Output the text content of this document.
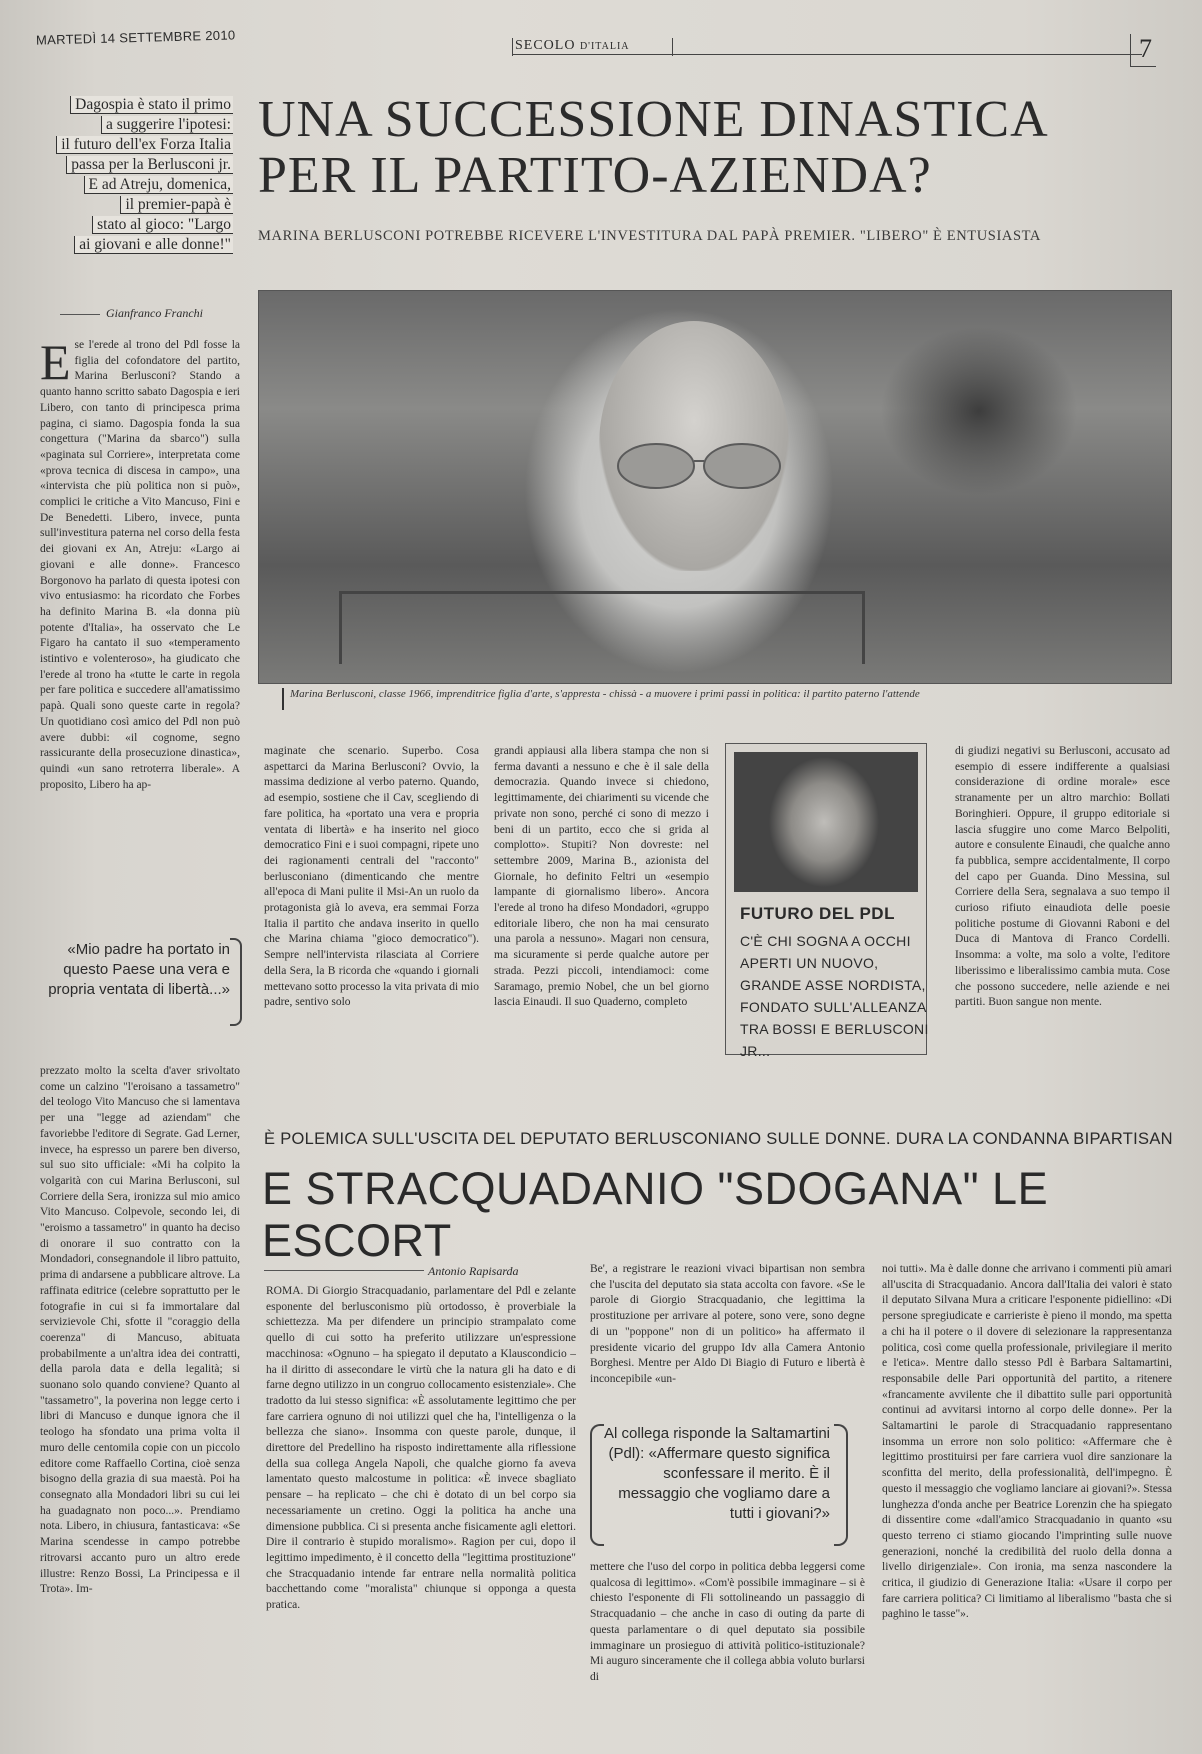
MARTEDÌ 14 SETTEMBRE 2010	SECOLO D'ITALIA	7
Dagospia è stato il primo
a suggerire l'ipotesi:
il futuro dell'ex Forza Italia
passa per la Berlusconi jr.
E ad Atreju, domenica,
il premier-papà è
stato al gioco: "Largo
ai giovani e alle donne!"
UNA SUCCESSIONE DINASTICA PER IL PARTITO-AZIENDA?
MARINA BERLUSCONI POTREBBE RICEVERE L'INVESTITURA DAL PAPÀ PREMIER. "LIBERO" È ENTUSIASTA
Gianfranco Franchi
Marina Berlusconi, classe 1966, imprenditrice figlia d'arte, s'appresta - chissà - a muovere i primi passi in politica: il partito paterno l'attende
E se l'erede al trono del Pdl fosse la figlia del cofondatore del partito, Marina Berlusconi? Stando a quanto hanno scritto sabato Dagospia e ieri Libero, con tanto di principesca prima pagina, ci siamo. Dagospia fonda la sua congettura ("Marina da sbarco") sulla «paginata sul Corriere», interpretata come «prova tecnica di discesa in campo», una «intervista che più politica non si può», complici le critiche a Vito Mancuso, Fini e De Benedetti. Libero, invece, punta sull'investitura paterna nel corso della festa dei giovani ex An, Atreju: «Largo ai giovani e alle donne». Francesco Borgonovo ha parlato di questa ipotesi con vivo entusiasmo: ha ricordato che Forbes ha definito Marina B. «la donna più potente d'Italia», ha osservato che Le Figaro ha cantato il suo «temperamento istintivo e volenteroso», ha giudicato che l'erede al trono ha «tutte le carte in regola per fare politica e succedere all'amatissimo papà. Quali sono queste carte in regola? Un quotidiano così amico del Pdl non può avere dubbi: «il cognome, segno rassicurante della prosecuzione dinastica», quindi «un sano retroterra liberale». A proposito, Libero ha ap-

«Mio padre ha portato in questo Paese una vera e propria ventata di libertà...»

prezzato molto la scelta d'aver srivoltato come un calzino "l'eroisano a tassametro" del teologo Vito Mancuso che si lamentava per una "legge ad aziendam" che favoriebbe l'editore di Segrate. Gad Lerner, invece, ha espresso un parere ben diverso, sul suo sito ufficiale: «Mi ha colpito la volgarità con cui Marina Berlusconi, sul Corriere della Sera, ironizza sul mio amico Vito Mancuso. Colpevole, secondo lei, di "eroismo a tassametro" in quanto ha deciso di onorare il suo contratto con la Mondadori, consegnandole il libro pattuito, prima di andarsene a pubblicare altrove. La raffinata editrice (celebre soprattutto per le fotografie in cui si fa immortalare dal servizievole Chi, sfotte il "coraggio della coerenza" di Mancuso, abituata probabilmente a un'altra idea dei contratti, della parola data e della legalità; si suonano solo quando conviene? Quanto al "tassametro", la poverina non legge certo i libri di Mancuso e dunque ignora che il teologo ha sfondato una prima volta il muro delle centomila copie con un piccolo editore come Raffaello Cortina, cioè senza bisogno della grazia di sua maestà. Poi ha consegnato alla Mondadori libri su cui lei ha guadagnato non poco...». Prendiamo nota. Libero, in chiusura, fantasticava: «Se Marina scendesse in campo potrebbe ritrovarsi accanto puro un altro erede illustre: Renzo Bossi, La Principessa e il Trota». Im-

maginate che scenario. Superbo. Cosa aspettarci da Marina Berlusconi? Ovvio, la massima dedizione al verbo paterno. Quando, ad esempio, sostiene che il Cav, scegliendo di fare politica, ha «portato una vera e propria ventata di libertà» e ha inserito nel gioco democratico Fini e i suoi compagni, ripete uno dei ragionamenti centrali del "racconto" berlusconiano (dimenticando che mentre all'epoca di Mani pulite il Msi-An un ruolo da protagonista già lo aveva, era semmai Forza Italia il partito che andava inserito in quello che Marina chiama "gioco democratico"). Sempre nell'intervista rilasciata al Corriere della Sera, la B ricorda che «quando i giornali mettevano sotto processo la vita privata di mio padre, sentivo solo

grandi appiausi alla libera stampa che non si ferma davanti a nessuno e che è il sale della democrazia. Quando invece si chiedono, legittimamente, dei chiarimenti su vicende che private non sono, perché ci sono di mezzo i beni di un partito, ecco che si grida al complotto». Stupiti? Non dovreste: nel settembre 2009, Marina B., azionista del Giornale, ho definito Feltri un «esempio lampante di giornalismo libero». Ancora l'erede al trono ha difeso Mondadori, «gruppo editoriale libero, che non ha mai censurato una parola a nessuno». Magari non censura, ma sicuramente si perde qualche autore per strada. Pezzi piccoli, intendiamoci: come Saramago, premio Nobel, che un bel giorno lascia Einaudi. Il suo Quaderno, completo

FUTURO DEL PDL
C'È CHI SOGNA A OCCHI APERTI UN NUOVO, GRANDE ASSE NORDISTA, FONDATO SULL'ALLEANZA TRA BOSSI E BERLUSCONI JR...

di giudizi negativi su Berlusconi, accusato ad esempio di essere indifferente a qualsiasi considerazione di ordine morale» esce stranamente per un altro marchio: Bollati Boringhieri. Oppure, il gruppo editoriale si lascia sfuggire uno come Marco Belpoliti, autore e consulente Einaudi, che qualche anno fa pubblica, sempre accidentalmente, Il corpo del capo per Guanda. Dino Messina, sul Corriere della Sera, segnalava a suo tempo il curioso rifiuto einaudiota delle poesie politiche postume di Giovanni Raboni e del Duca di Mantova di Franco Cordelli. Insomma: a volte, ma solo a volte, l'editore liberissimo e liberalissimo cambia muta. Cose che possono succedere, nelle aziende e nei partiti. Buon sangue non mente.

È POLEMICA SULL'USCITA DEL DEPUTATO BERLUSCONIANO SULLE DONNE. DURA LA CONDANNA BIPARTISAN
E STRACQUADANIO "SDOGANA" LE ESCORT
Antonio Rapisarda

ROMA. Di Giorgio Stracquadanio, parlamentare del Pdl e zelante esponente del berlusconismo più ortodosso, è proverbiale la schiettezza. Ma per difendere un principio strampalato come quello di cui sotto ha preferito utilizzare un'espressione macchinosa: «Ognuno – ha spiegato il deputato a Klauscondicio – ha il diritto di assecondare le virtù che la natura gli ha dato e di farne degno utilizzo in un congruo collocamento esistenziale». Che tradotto da lui stesso significa: «È assolutamente legittimo che per fare carriera ognuno di noi utilizzi quel che ha, l'intelligenza o la bellezza che siano». Insomma con queste parole, dunque, il direttore del Predellino ha risposto indirettamente alla riflessione della sua collega Angela Napoli, che qualche giorno fa aveva lamentato questo malcostume in politica: «È invece sbagliato pensare – ha replicato – che chi è dotato di un bel corpo sia necessariamente un cretino. Oggi la politica ha anche una dimensione pubblica. Ci si presenta anche fisicamente agli elettori. Dire il contrario è stupido moralismo». Ragion per cui, dopo il legittimo impedimento, è il concetto della "legittima prostituzione" che Stracquadanio intende far entrare nella normalità politica bacchettando come "moralista" chiunque si opponga a questa pratica.

Be', a registrare le reazioni vivaci bipartisan non sembra che l'uscita del deputato sia stata accolta con favore. «Se le parole di Giorgio Stracquadanio, che legittima la prostituzione per arrivare al potere, sono vere, sono degne di un "poppone" non di un politico» ha affermato il presidente vicario del gruppo Idv alla Camera Antonio Borghesi. Mentre per Aldo Di Biagio di Futuro e libertà è inconcepibile «un-

Al collega risponde la Saltamartini (Pdl): «Affermare questo significa sconfessare il merito. È il messaggio che vogliamo dare a tutti i giovani?»

mettere che l'uso del corpo in politica debba leggersi come qualcosa di legittimo». «Com'è possibile immaginare – si è chiesto l'esponente di Fli sottolineando un passaggio di Stracquadanio – che anche in caso di outing da parte di questa parlamentare o di quel deputato sia possibile immaginare un prosieguo di attività politico-istituzionale? Mi auguro sinceramente che il collega abbia voluto burlarsi di

noi tutti». Ma è dalle donne che arrivano i commenti più amari all'uscita di Stracquadanio. Ancora dall'Italia dei valori è stato il deputato Silvana Mura a criticare l'esponente pidiellino: «Di persone spregiudicate e carrieriste è pieno il mondo, ma spetta a chi ha il potere o il dovere di selezionare la rappresentanza politica, così come quella professionale, privilegiare il merito e l'etica». Mentre dallo stesso Pdl è Barbara Saltamartini, responsabile delle Pari opportunità del partito, a ritenere «francamente avvilente che il dibattito sulle pari opportunità continui ad avvitarsi intorno al corpo delle donne». Per la Saltamartini le parole di Stracquadanio rappresentano insomma un errore non solo politico: «Affermare che è legittimo prostituirsi per fare carriera vuol dire sanzionare la sconfitta del merito, della professionalità, dell'impegno. È questo il messaggio che vogliamo lanciare ai giovani?». Stessa lunghezza d'onda anche per Beatrice Lorenzin che ha spiegato di dissentire come «dall'amico Stracquadanio in quanto «su questo terreno ci stiamo giocando l'imprinting sulle nuove generazioni, nonché la credibilità del ruolo della donna a livello dirigenziale». Con ironia, ma senza nascondere la critica, il giudizio di Generazione Italia: «Usare il corpo per fare carriera politica? Ci limitiamo al liberalismo "basta che si paghino le tasse"».
